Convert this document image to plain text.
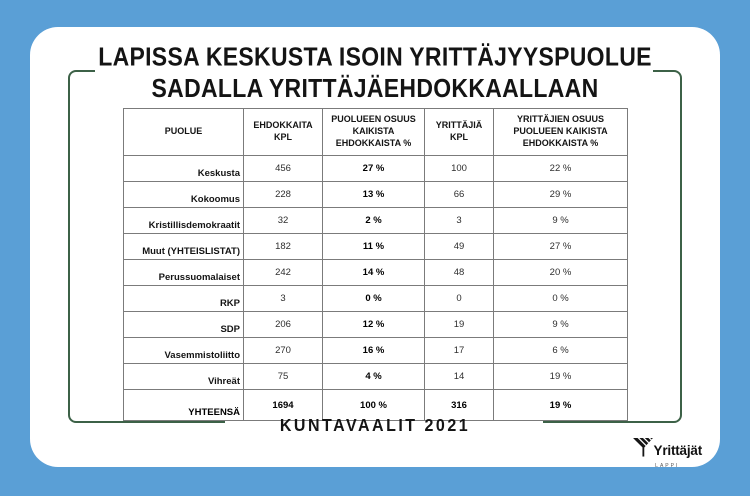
LAPISSA KESKUSTA ISOIN YRITTÄJYYSPUOLUE
SADALLA YRITTÄJÄEHDOKKAALLAAN
PUOLUE	EHDOKKAITA KPL	PUOLUEEN OSUUS KAIKISTA EHDOKKAISTA %	YRITTÄJIÄ KPL	YRITTÄJIEN OSUUS PUOLUEEN KAIKISTA EHDOKKAISTA %
Keskusta	456	27 %	100	22 %
Kokoomus	228	13 %	66	29 %
Kristillisdemokraatit	32	2 %	3	9 %
Muut (YHTEISLISTAT)	182	11 %	49	27 %
Perussuomalaiset	242	14 %	48	20 %
RKP	3	0 %	0	0 %
SDP	206	12 %	19	9 %
Vasemmistoliitto	270	16 %	17	6 %
Vihreät	75	4 %	14	19 %
YHTEENSÄ	1694	100 %	316	19 %
KUNTAVAALIT 2021
Yrittäjät
LAPPI
